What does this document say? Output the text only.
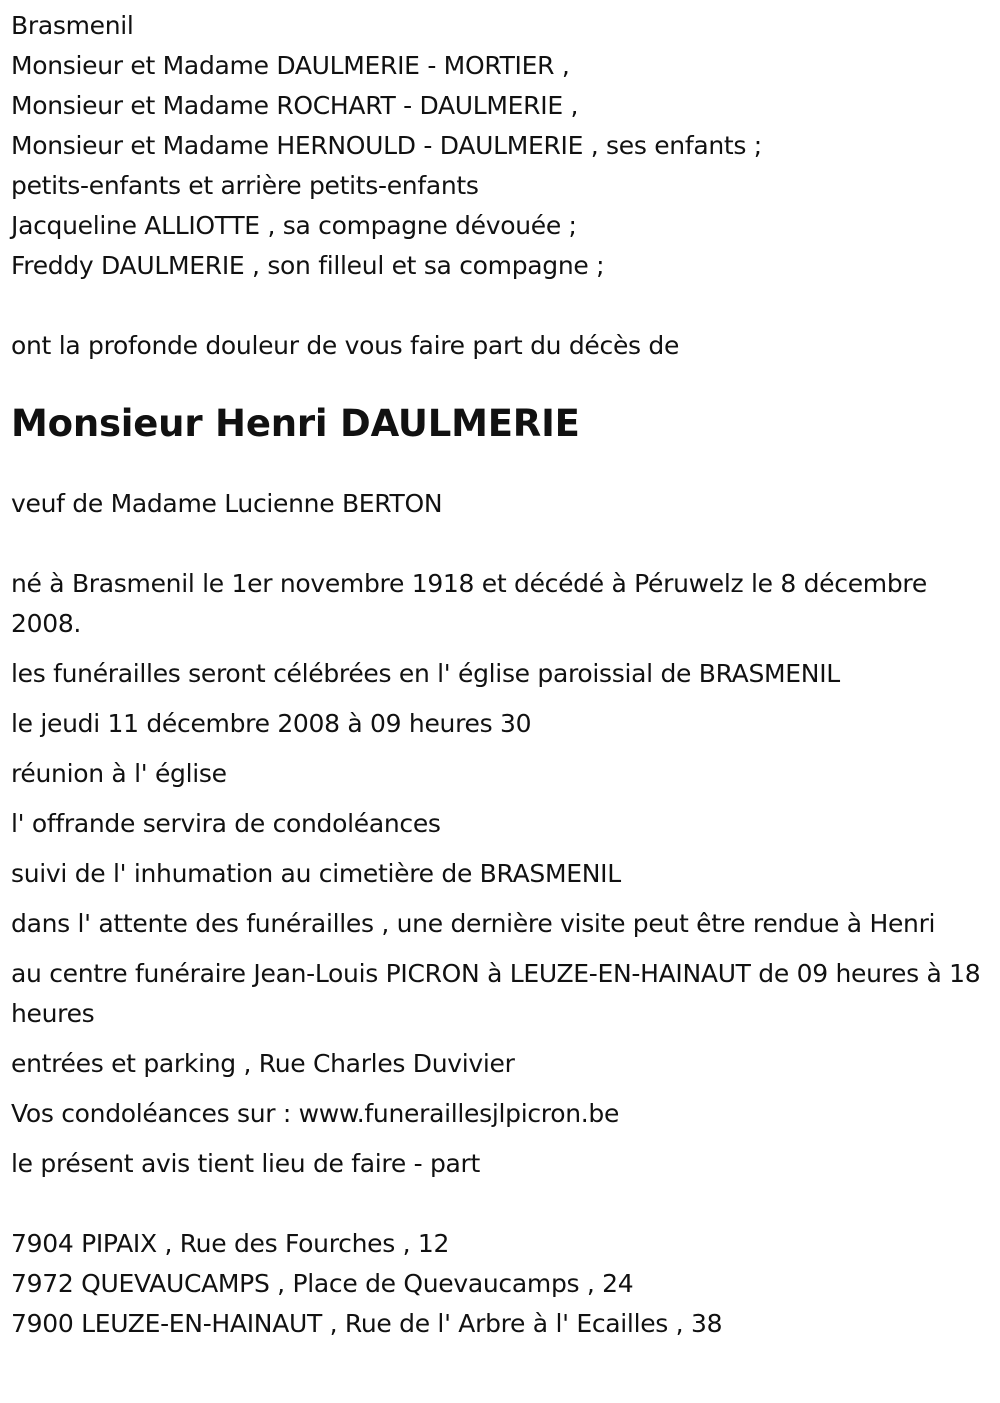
Brasmenil

Monsieur et Madame DAULMERIE - MORTIER ,

Monsieur et Madame ROCHART - DAULMERIE ,

Monsieur et Madame HERNOULD - DAULMERIE , ses enfants ;

petits-enfants et arrière petits-enfants

Jacqueline ALLIOTTE , sa compagne dévouée ;

Freddy DAULMERIE , son filleul et sa compagne ;

ont la profonde douleur de vous faire part du décès de

Monsieur Henri DAULMERIE

veuf de Madame Lucienne BERTON

né à Brasmenil le 1er novembre 1918 et décédé à Péruwelz le 8 décembre 2008.

les funérailles seront célébrées en l' église paroissial de BRASMENIL

le jeudi 11 décembre 2008 à 09 heures 30

réunion à l' église

l' offrande servira de condoléances

suivi de l' inhumation au cimetière de BRASMENIL

dans l' attente des funérailles , une dernière visite peut être rendue à Henri

au centre funéraire Jean-Louis PICRON à LEUZE-EN-HAINAUT de 09 heures à 18 heures

entrées et parking , Rue Charles Duvivier

Vos condoléances sur : www.funeraillesjlpicron.be

le présent avis tient lieu de faire - part

7904 PIPAIX , Rue des Fourches , 12

7972 QUEVAUCAMPS , Place de Quevaucamps , 24

7900 LEUZE-EN-HAINAUT , Rue de l' Arbre à l' Ecailles , 38
